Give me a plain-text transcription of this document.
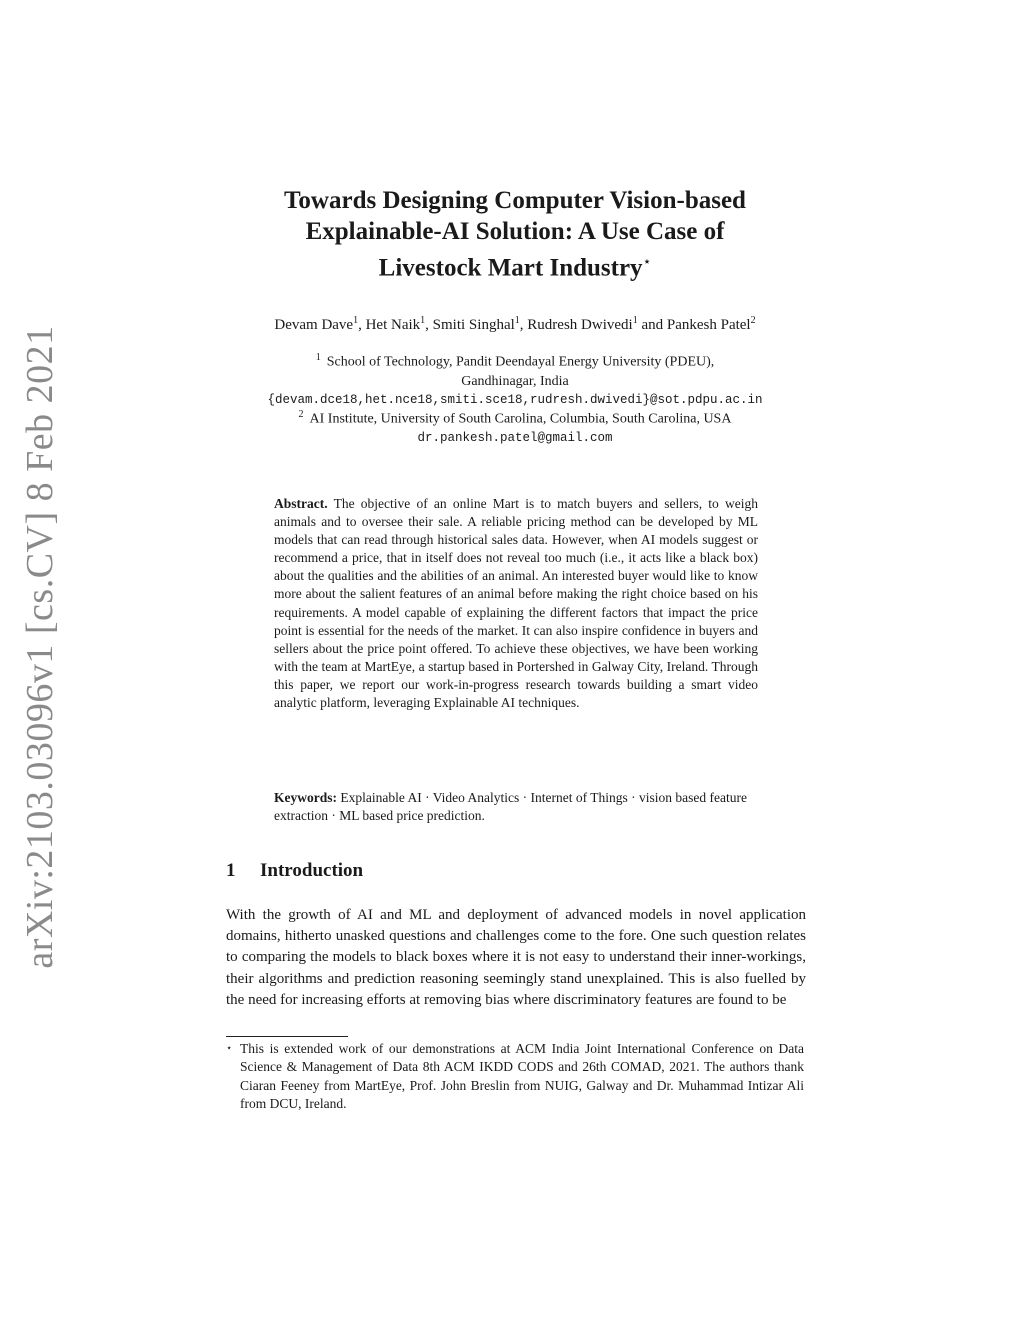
arXiv:2103.03096v1 [cs.CV] 8 Feb 2021
Towards Designing Computer Vision-based
Explainable-AI Solution: A Use Case of
Livestock Mart Industry⋆
Devam Dave$^1$, Het Naik$^1$, Smiti Singhal$^1$, Rudresh Dwivedi$^1$ and Pankesh Patel$^2$
$^1$ School of Technology, Pandit Deendayal Energy University (PDEU),
Gandhinagar, India
{devam.dce18,het.nce18,smiti.sce18,rudresh.dwivedi}@sot.pdpu.ac.in
$^2$ AI Institute, University of South Carolina, Columbia, South Carolina, USA
dr.pankesh.patel@gmail.com
Abstract. The objective of an online Mart is to match buyers and sellers, to weigh animals and to oversee their sale. A reliable pricing method can be developed by ML models that can read through historical sales data. However, when AI models suggest or recommend a price, that in itself does not reveal too much (i.e., it acts like a black box) about the qualities and the abilities of an animal. An interested buyer would like to know more about the salient features of an animal before making the right choice based on his requirements. A model capable of explaining the different factors that impact the price point is essential for the needs of the market. It can also inspire confidence in buyers and sellers about the price point offered. To achieve these objectives, we have been working with the team at MartEye, a startup based in Portershed in Galway City, Ireland. Through this paper, we report our work-in-progress research towards building a smart video analytic platform, leveraging Explainable AI techniques.
Keywords: Explainable AI · Video Analytics · Internet of Things · vision based feature extraction · ML based price prediction.
1 Introduction
With the growth of AI and ML and deployment of advanced models in novel application domains, hitherto unasked questions and challenges come to the fore. One such question relates to comparing the models to black boxes where it is not easy to understand their inner-workings, their algorithms and prediction reasoning seemingly stand unexplained. This is also fuelled by the need for increasing efforts at removing bias where discriminatory features are found to be
⋆ This is extended work of our demonstrations at ACM India Joint International Conference on Data Science & Management of Data 8th ACM IKDD CODS and 26th COMAD, 2021. The authors thank Ciaran Feeney from MartEye, Prof. John Breslin from NUIG, Galway and Dr. Muhammad Intizar Ali from DCU, Ireland.
